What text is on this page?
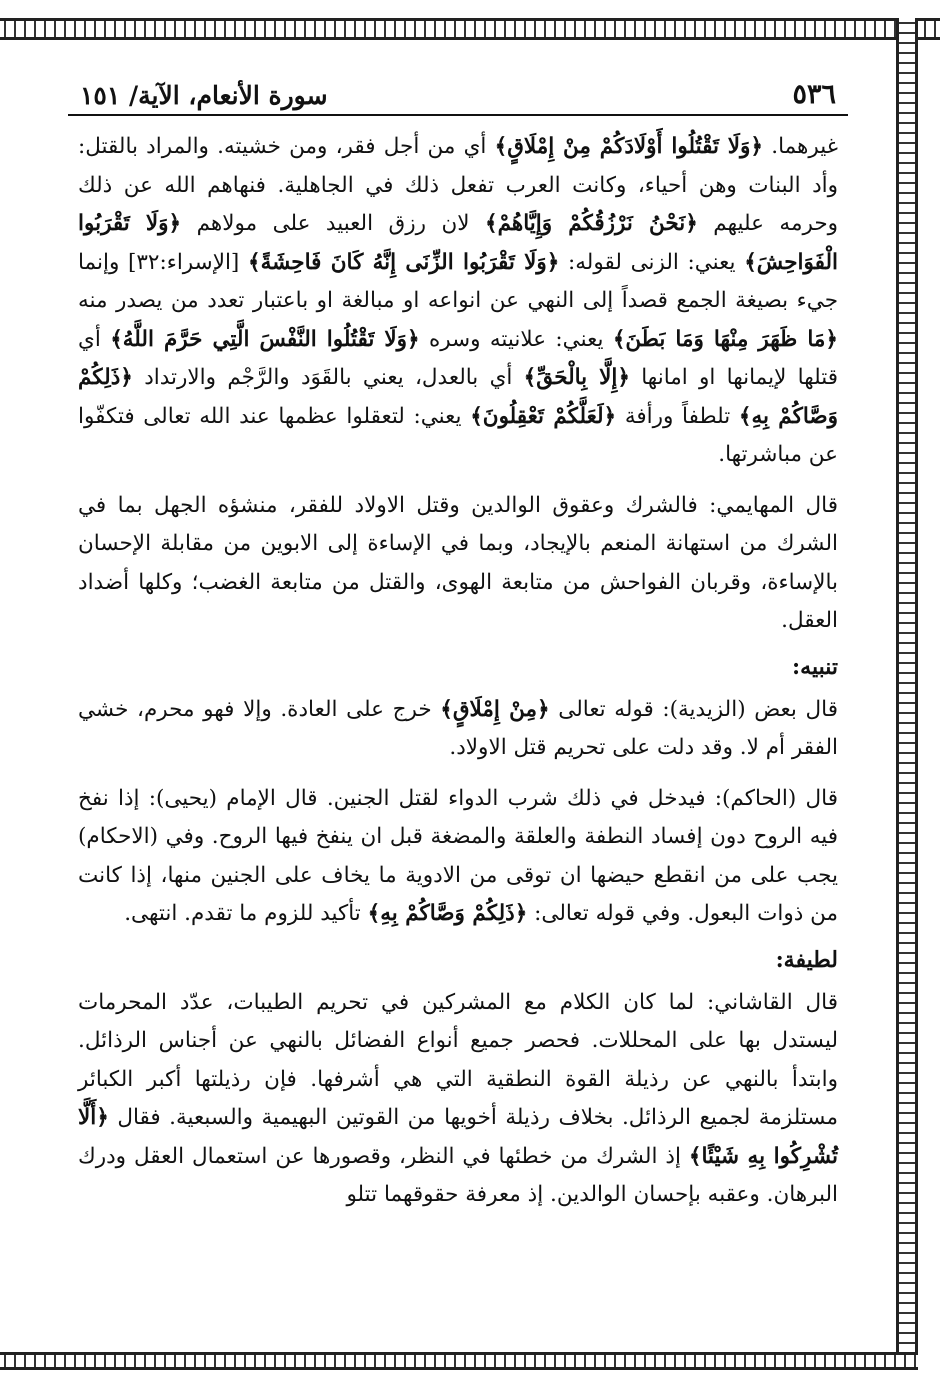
٥٣٦
سورة الأنعام، الآية/ ١٥١

غيرهما. ﴿وَلَا تَقْتُلُوا أَوْلَادَكُمْ مِنْ إِمْلَاقٍ﴾ أي من أجل فقر، ومن خشيته. والمراد بالقتل: وأد البنات وهن أحياء، وكانت العرب تفعل ذلك في الجاهلية. فنهاهم الله عن ذلك وحرمه عليهم ﴿نَحْنُ نَرْزُقُكُمْ وَإِيَّاهُمْ﴾ لان رزق العبيد على مولاهم ﴿وَلَا تَقْرَبُوا الْفَوَاحِشَ﴾ يعني: الزنى لقوله: ﴿وَلَا تَقْرَبُوا الزِّنَى إِنَّهُ كَانَ فَاحِشَةً﴾ [الإسراء:٣٢] وإنما جيء بصيغة الجمع قصداً إلى النهي عن انواعه او مبالغة او باعتبار تعدد من يصدر منه ﴿مَا ظَهَرَ مِنْهَا وَمَا بَطَنَ﴾ يعني: علانيته وسره ﴿وَلَا تَقْتُلُوا النَّفْسَ الَّتِي حَرَّمَ اللَّهُ﴾ أي قتلها لإيمانها او امانها ﴿إِلَّا بِالْحَقِّ﴾ أي بالعدل، يعني بالقَوَد والرَّجْم والارتداد ﴿ذَلِكُمْ وَصَّاكُمْ بِهِ﴾ تلطفاً ورأفة ﴿لَعَلَّكُمْ تَعْقِلُونَ﴾ يعني: لتعقلوا عظمها عند الله تعالى فتكفّوا عن مباشرتها.

قال المهايمي: فالشرك وعقوق الوالدين وقتل الاولاد للفقر، منشؤه الجهل بما في الشرك من استهانة المنعم بالإيجاد، وبما في الإساءة إلى الابوين من مقابلة الإحسان بالإساءة، وقربان الفواحش من متابعة الهوى، والقتل من متابعة الغضب؛ وكلها أضداد العقل.

تنبيه:

قال بعض (الزيدية): قوله تعالى ﴿مِنْ إِمْلَاقٍ﴾ خرج على العادة. وإلا فهو محرم، خشي الفقر أم لا. وقد دلت على تحريم قتل الاولاد.

قال (الحاكم): فيدخل في ذلك شرب الدواء لقتل الجنين. قال الإمام (يحيى): إذا نفخ فيه الروح دون إفساد النطفة والعلقة والمضغة قبل ان ينفخ فيها الروح. وفي (الاحكام) يجب على من انقطع حيضها ان توقى من الادوية ما يخاف على الجنين منها، إذا كانت من ذوات البعول. وفي قوله تعالى: ﴿ذَلِكُمْ وَصَّاكُمْ بِهِ﴾ تأكيد للزوم ما تقدم. انتهى.

لطيفة:

قال القاشاني: لما كان الكلام مع المشركين في تحريم الطيبات، عدّد المحرمات ليستدل بها على المحللات. فحصر جميع أنواع الفضائل بالنهي عن أجناس الرذائل. وابتدأ بالنهي عن رذيلة القوة النطقية التي هي أشرفها. فإن رذيلتها أكبر الكبائر مستلزمة لجميع الرذائل. بخلاف رذيلة أخويها من القوتين البهيمية والسبعية. فقال ﴿أَلَّا تُشْرِكُوا بِهِ شَيْئًا﴾ إذ الشرك من خطئها في النظر، وقصورها عن استعمال العقل ودرك البرهان. وعقبه بإحسان الوالدين. إذ معرفة حقوقهما تتلو
